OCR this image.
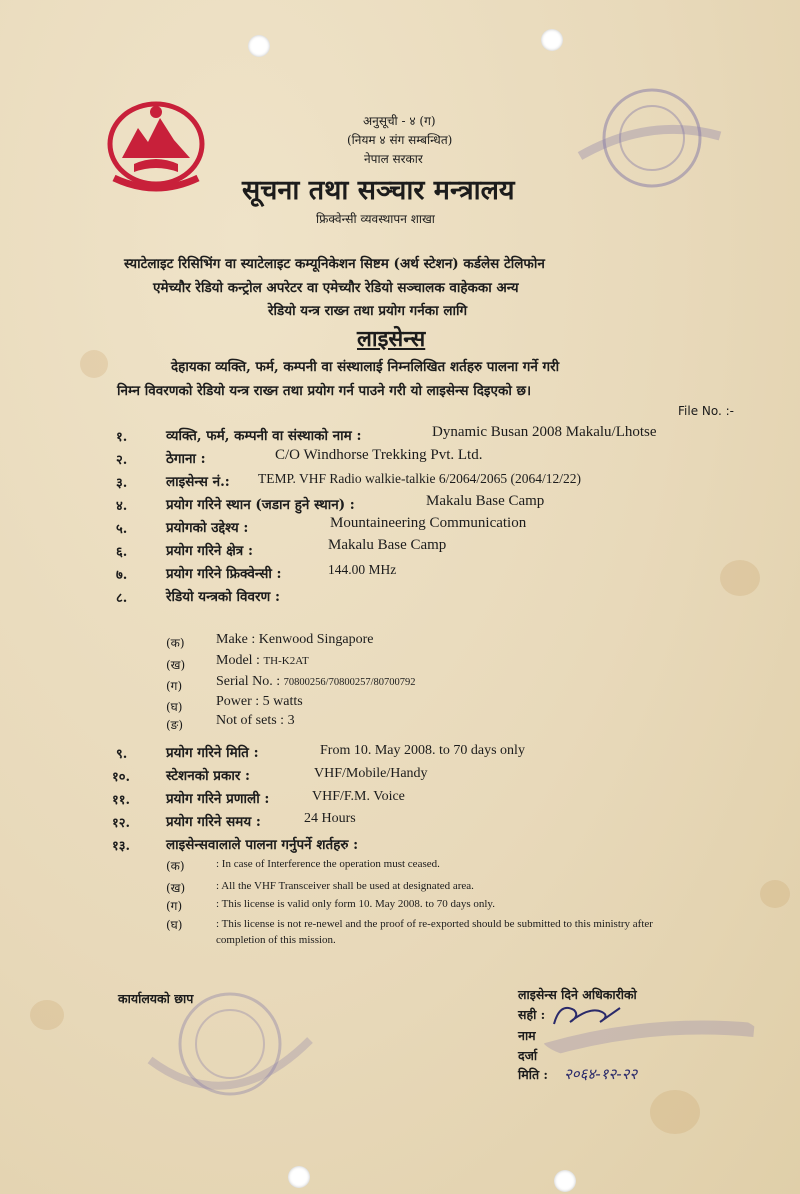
अनुसूची - ४ (ग)
(नियम ४ संग सम्बन्धित)
नेपाल सरकार
सूचना तथा सञ्चार मन्त्रालय
फ्रिक्वेन्सी व्यवस्थापन शाखा
स्याटेलाइट रिसिभिंग वा स्याटेलाइट कम्यूनिकेशन सिष्टम (अर्थ स्टेशन) कर्डलेस टेलिफोन
एमेच्यौर रेडियो कन्ट्रोल अपरेटर वा एमेच्यौर रेडियो सञ्चालक वाहेकका अन्य
रेडियो यन्त्र राख्न तथा प्रयोग गर्नका लागि
लाइसेन्स
देहायका व्यक्ति, फर्म, कम्पनी वा संस्थालाई निम्नलिखित शर्तहरु पालना गर्ने गरी
निम्न विवरणको रेडियो यन्त्र राख्न तथा प्रयोग गर्न पाउने गरी यो लाइसेन्स दिइएको छ।
File No. :-
१.	व्यक्ति, फर्म, कम्पनी वा संस्थाको नाम :	Dynamic Busan 2008 Makalu/Lhotse
२.	ठेगाना :	C/O Windhorse Trekking Pvt. Ltd.
३.	लाइसेन्स नं.: TEMP. VHF Radio walkie-talkie 6/2064/2065 (2064/12/22)
४.	प्रयोग गरिने स्थान (जडान हुने स्थान) :	Makalu Base Camp
५.	प्रयोगको उद्देश्य :	Mountaineering Communication
६.	प्रयोग गरिने क्षेत्र :	Makalu Base Camp
७.	प्रयोग गरिने फ्रिक्वेन्सी :	144.00 MHz
८.	रेडियो यन्त्रको विवरण :
(क) Make : Kenwood Singapore
(ख) Model : TH-K2AT
(ग) Serial No. : 70800256/70800257/80700792
(घ) Power : 5 watts
(ङ) Not of sets : 3
९.	प्रयोग गरिने मिति :	From 10. May 2008. to 70 days only
१०.	स्टेशनको प्रकार :	VHF/Mobile/Handy
११.	प्रयोग गरिने प्रणाली :	VHF/F.M. Voice
१२.	प्रयोग गरिने समय :	24 Hours
१३.	लाइसेन्सवालाले पालना गर्नुपर्ने शर्तहरु :
(क)	: In case of Interference the operation must ceased.
(ख)	: All the VHF Transceiver shall be used at designated area.
(ग)	: This license is valid only form 10. May 2008. to 70 days only.
(घ)	: This license is not re-newel and the proof of re-exported should be submitted to this ministry after
completion of this mission.
कार्यालयको छाप	लाइसेन्स दिने अधिकारीको
सही :
नाम
दर्जा
मिति : २०६४-१२-२२
